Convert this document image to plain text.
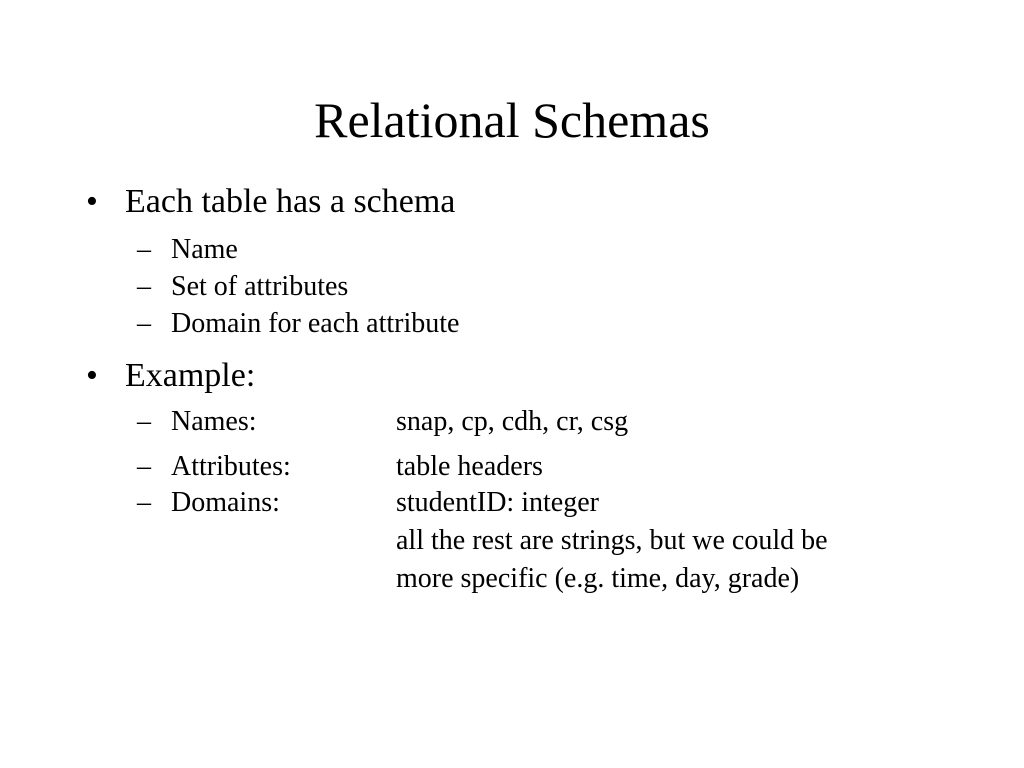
Relational Schemas
• Each table has a schema
– Name
– Set of attributes
– Domain for each attribute
• Example:
– Names:	snap, cp, cdh, cr, csg
– Attributes:	table headers
– Domains:	studentID: integer
all the rest are strings, but we could be
more specific (e.g. time, day, grade)
